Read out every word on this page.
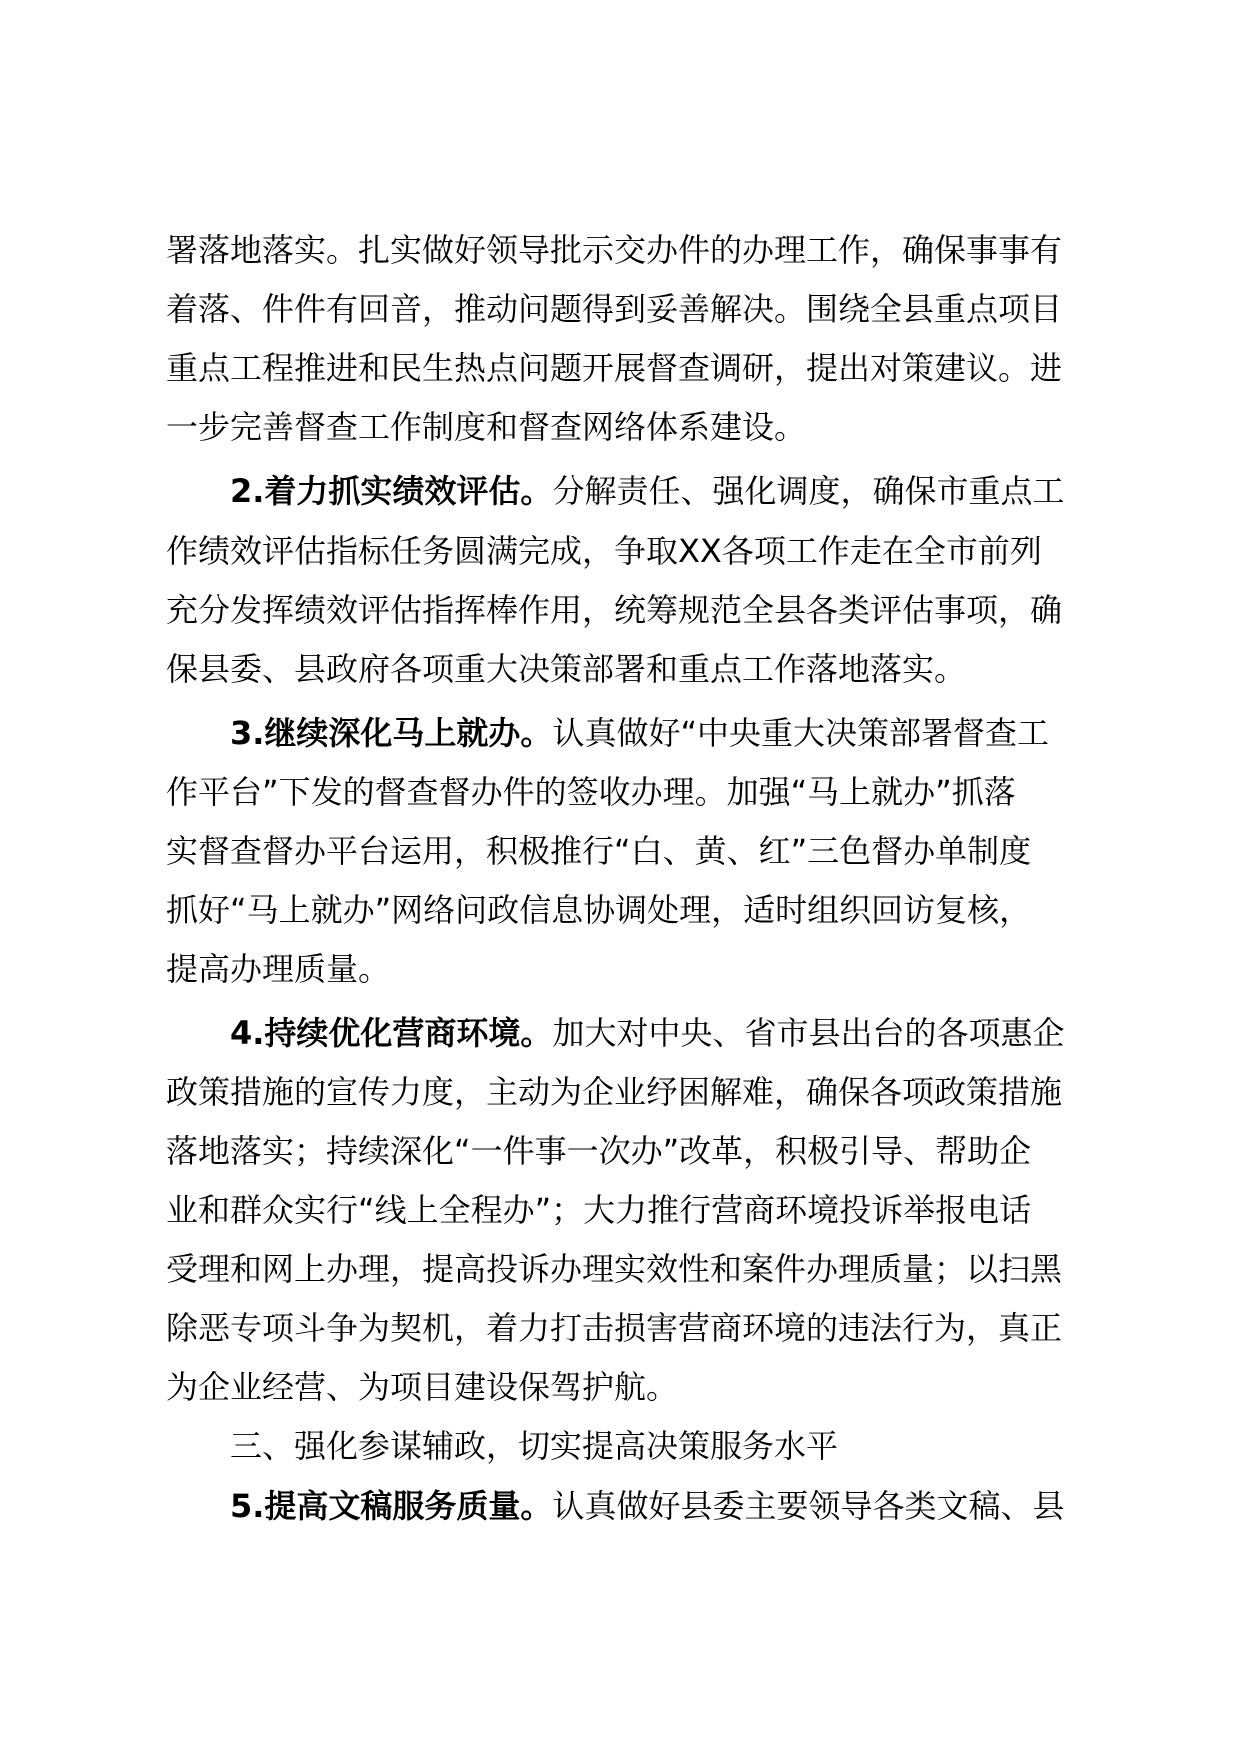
署落地落实。扎实做好领导批示交办件的办理工作，确保事事有
着落、件件有回音，推动问题得到妥善解决。围绕全县重点项目
重点工程推进和民生热点问题开展督查调研，提出对策建议。进
一步完善督查工作制度和督查网络体系建设。
2.着力抓实绩效评估。分解责任、强化调度，确保市重点工
作绩效评估指标任务圆满完成，争取XX各项工作走在全市前列
充分发挥绩效评估指挥棒作用，统筹规范全县各类评估事项，确
保县委、县政府各项重大决策部署和重点工作落地落实。
3.继续深化马上就办。认真做好“中央重大决策部署督查工
作平台”下发的督查督办件的签收办理。加强“马上就办”抓落
实督查督办平台运用，积极推行“白、黄、红”三色督办单制度
抓好“马上就办”网络问政信息协调处理，适时组织回访复核，
提高办理质量。
4.持续优化营商环境。加大对中央、省市县出台的各项惠企
政策措施的宣传力度，主动为企业纾困解难，确保各项政策措施
落地落实；持续深化“一件事一次办”改革，积极引导、帮助企
业和群众实行“线上全程办”；大力推行营商环境投诉举报电话
受理和网上办理，提高投诉办理实效性和案件办理质量；以扫黑
除恶专项斗争为契机，着力打击损害营商环境的违法行为，真正
为企业经营、为项目建设保驾护航。
三、强化参谋辅政，切实提高决策服务水平
5.提高文稿服务质量。认真做好县委主要领导各类文稿、县
